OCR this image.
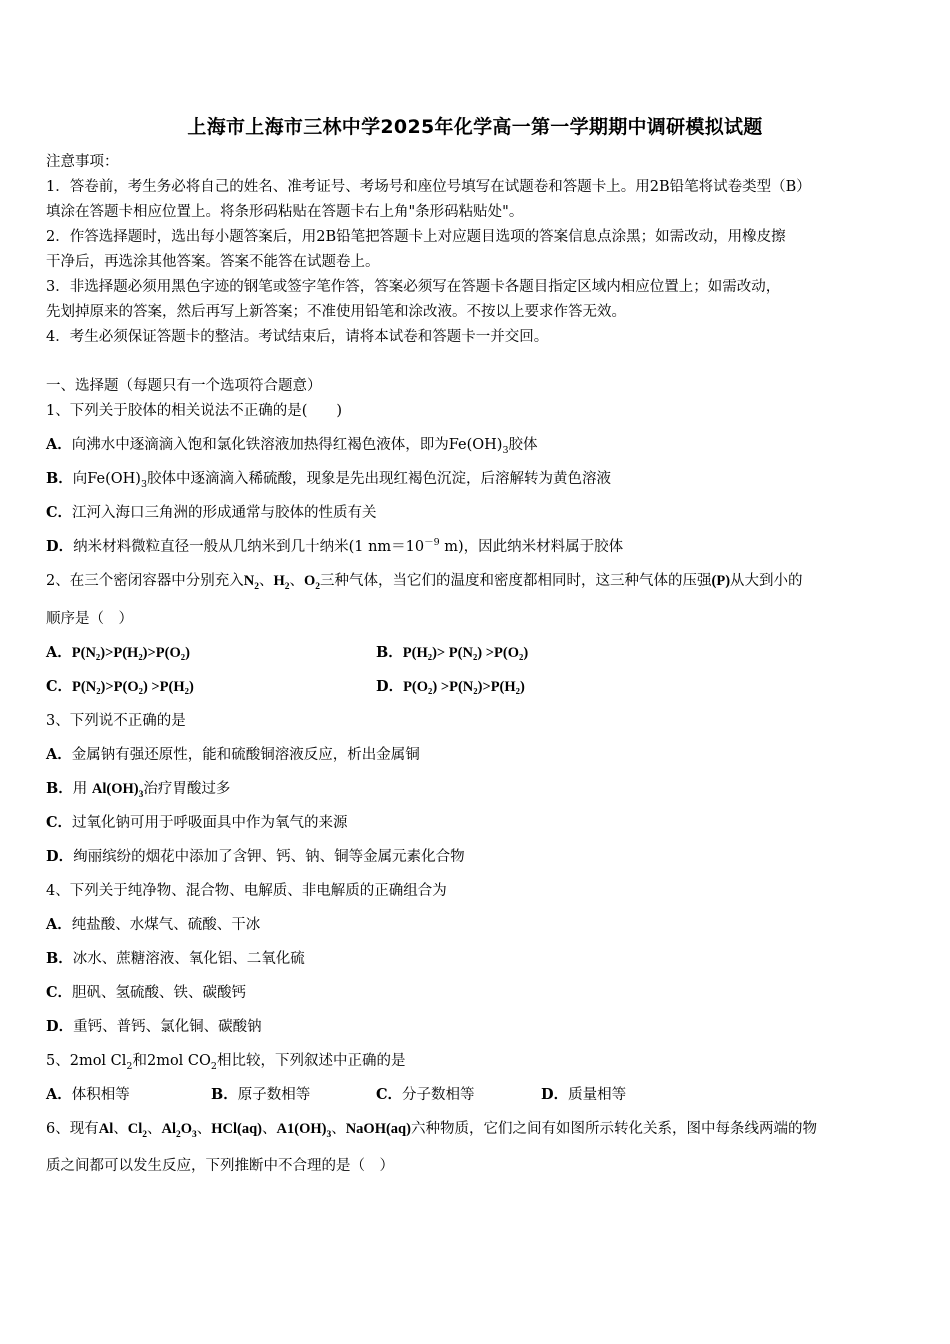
上海市上海市三林中学2025年化学高一第一学期期中调研模拟试题
注意事项：
1．答卷前，考生务必将自己的姓名、准考证号、考场号和座位号填写在试题卷和答题卡上。用2B铅笔将试卷类型（B）
填涂在答题卡相应位置上。将条形码粘贴在答题卡右上角"条形码粘贴处"。
2．作答选择题时，选出每小题答案后，用2B铅笔把答题卡上对应题目选项的答案信息点涂黑；如需改动，用橡皮擦
干净后，再选涂其他答案。答案不能答在试题卷上。
3．非选择题必须用黑色字迹的钢笔或签字笔作答，答案必须写在答题卡各题目指定区域内相应位置上；如需改动，
先划掉原来的答案，然后再写上新答案；不准使用铅笔和涂改液。不按以上要求作答无效。
4．考生必须保证答题卡的整洁。考试结束后，请将本试卷和答题卡一并交回。
一、选择题（每题只有一个选项符合题意）
1、下列关于胶体的相关说法不正确的是(　　)
A．向沸水中逐滴滴入饱和氯化铁溶液加热得红褐色液体，即为$Fe(OH)_3$胶体
B．向$Fe(OH)_3$胶体中逐滴滴入稀硫酸，现象是先出现红褐色沉淀，后溶解转为黄色溶液
C．江河入海口三角洲的形成通常与胶体的性质有关
D．纳米材料微粒直径一般从几纳米到几十纳米(1 $nm=10^{-9}$ m)，因此纳米材料属于胶体
2、在三个密闭容器中分别充入$N_2$、$H_2$、$O_2$三种气体，当它们的温度和密度都相同时，这三种气体的压强(P)从大到小的
顺序是（　）
A．P(N₂)>P(H₂)>P(O₂)	B．P(H₂)> P(N₂) >P(O₂)
C．P(N₂)>P(O₂) >P(H₂)	D．P(O₂) >P(N₂)>P(H₂)
3、下列说不正确的是
A．金属钠有强还原性，能和硫酸铜溶液反应，析出金属铜
B．用 $Al(OH)_3$治疗胃酸过多
C．过氧化钠可用于呼吸面具中作为氧气的来源
D．绚丽缤纷的烟花中添加了含钾、钙、钠、铜等金属元素化合物
4、下列关于纯净物、混合物、电解质、非电解质的正确组合为
A．纯盐酸、水煤气、硫酸、干冰
B．冰水、蔗糖溶液、氧化铝、二氧化硫
C．胆矾、氢硫酸、铁、碳酸钙
D．重钙、普钙、氯化铜、碳酸钠
5、2mol $Cl_2$和2mol $CO_2$相比较，下列叙述中正确的是
A．体积相等	B．原子数相等	C．分子数相等	D．质量相等
6、现有Al、$Cl_2$、$Al_2O_3$、HCl(aq)、$A1(OH)_3$、NaOH(aq)六种物质，它们之间有如图所示转化关系，图中每条线两端的物
质之间都可以发生反应，下列推断中不合理的是（　）
